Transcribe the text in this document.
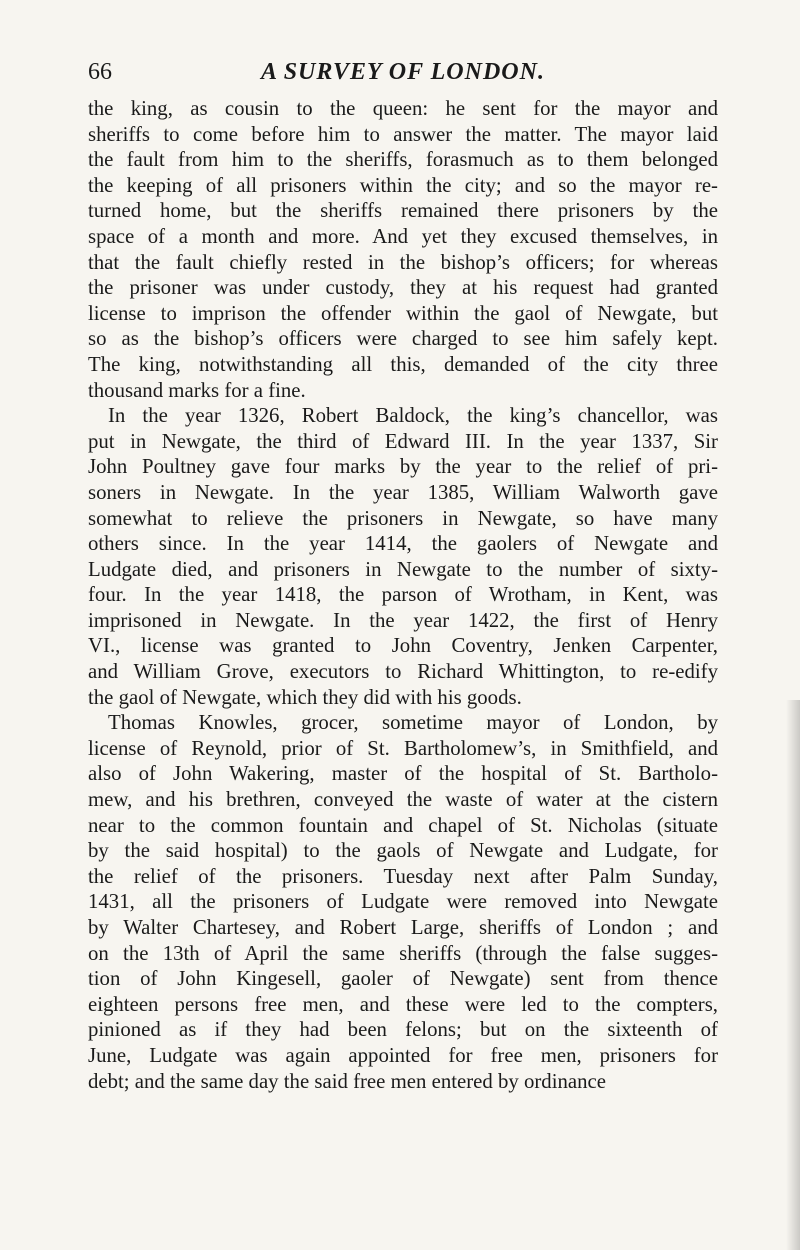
66	A SURVEY OF LONDON.
the king, as cousin to the queen: he sent for the mayor and
sheriffs to come before him to answer the matter. The mayor laid
the fault from him to the sheriffs, forasmuch as to them belonged
the keeping of all prisoners within the city; and so the mayor re-
turned home, but the sheriffs remained there prisoners by the
space of a month and more. And yet they excused themselves, in
that the fault chiefly rested in the bishop’s officers; for whereas
the prisoner was under custody, they at his request had granted
license to imprison the offender within the gaol of Newgate, but
so as the bishop’s officers were charged to see him safely kept.
The king, notwithstanding all this, demanded of the city three
thousand marks for a fine.
In the year 1326, Robert Baldock, the king’s chancellor, was
put in Newgate, the third of Edward III. In the year 1337, Sir
John Poultney gave four marks by the year to the relief of pri-
soners in Newgate. In the year 1385, William Walworth gave
somewhat to relieve the prisoners in Newgate, so have many
others since. In the year 1414, the gaolers of Newgate and
Ludgate died, and prisoners in Newgate to the number of sixty-
four. In the year 1418, the parson of Wrotham, in Kent, was
imprisoned in Newgate. In the year 1422, the first of Henry
VI., license was granted to John Coventry, Jenken Carpenter,
and William Grove, executors to Richard Whittington, to re-edify
the gaol of Newgate, which they did with his goods.
Thomas Knowles, grocer, sometime mayor of London, by
license of Reynold, prior of St. Bartholomew’s, in Smithfield, and
also of John Wakering, master of the hospital of St. Bartholo-
mew, and his brethren, conveyed the waste of water at the cistern
near to the common fountain and chapel of St. Nicholas (situate
by the said hospital) to the gaols of Newgate and Ludgate, for
the relief of the prisoners. Tuesday next after Palm Sunday,
1431, all the prisoners of Ludgate were removed into Newgate
by Walter Chartesey, and Robert Large, sheriffs of London ; and
on the 13th of April the same sheriffs (through the false sugges-
tion of John Kingesell, gaoler of Newgate) sent from thence
eighteen persons free men, and these were led to the compters,
pinioned as if they had been felons; but on the sixteenth of
June, Ludgate was again appointed for free men, prisoners for
debt; and the same day the said free men entered by ordinance
